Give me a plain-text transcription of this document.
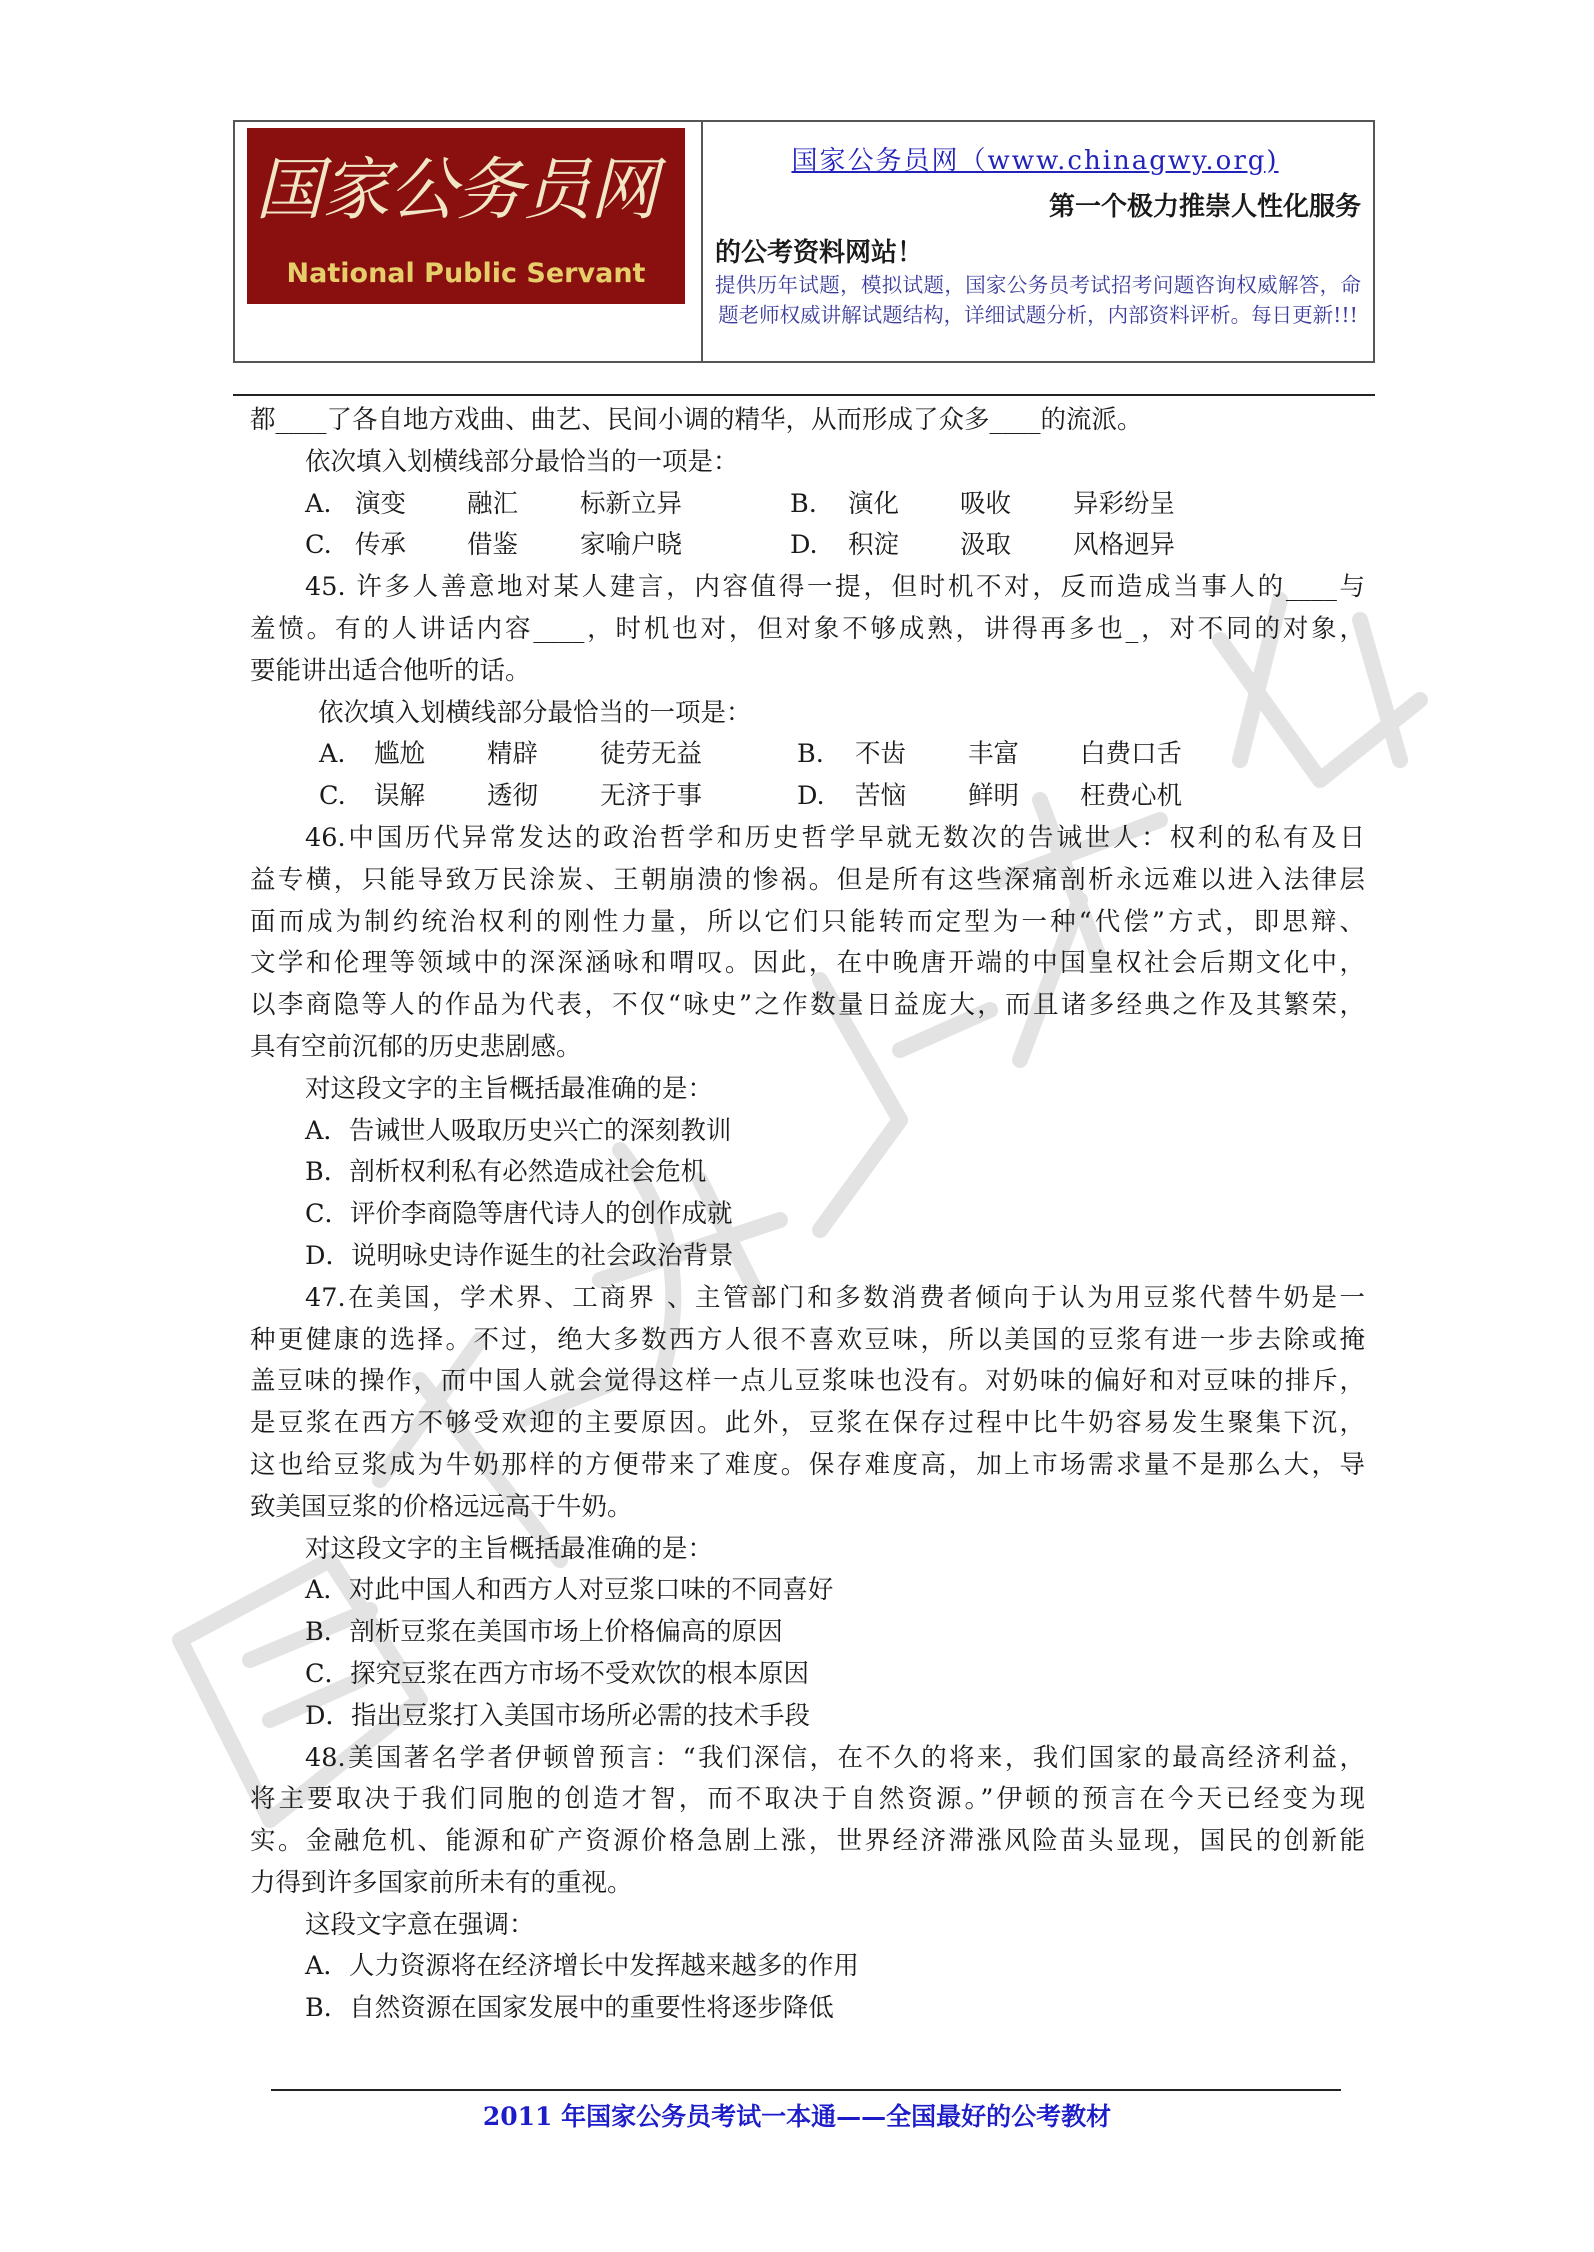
国家公务员网
National Public Servant
国家公务员网（www.chinagwy.org)
第一个极力推崇人性化服务
的公考资料网站！
提供历年试题，模拟试题，国家公务员考试招考问题咨询权威解答，命题老师权威讲解试题结构，详细试题分析，内部资料评析。每日更新!!!
都____了各自地方戏曲、曲艺、民间小调的精华，从而形成了众多____的流派。
依次填入划横线部分最恰当的一项是：
A. 演变 融汇 标新立异	B. 演化 吸收 异彩纷呈
C. 传承 借鉴 家喻户晓	D. 积淀 汲取 风格迥异
45. 许多人善意地对某人建言，内容值得一提，但时机不对，反而造成当事人的____与
羞愤。有的人讲话内容____，时机也对，但对象不够成熟，讲得再多也_，对不同的对象，
要能讲出适合他听的话。
依次填入划横线部分最恰当的一项是：
A. 尴尬 精辟 徒劳无益	B. 不齿 丰富 白费口舌
C. 误解 透彻 无济于事	D. 苦恼 鲜明 枉费心机
46.中国历代异常发达的政治哲学和历史哲学早就无数次的告诫世人：权利的私有及日
益专横，只能导致万民涂炭、王朝崩溃的惨祸。但是所有这些深痛剖析永远难以进入法律层
面而成为制约统治权利的刚性力量，所以它们只能转而定型为一种“代偿”方式，即思辩、
文学和伦理等领域中的深深涵咏和喟叹。因此，在中晚唐开端的中国皇权社会后期文化中，
以李商隐等人的作品为代表，不仅“咏史”之作数量日益庞大，而且诸多经典之作及其繁荣，
具有空前沉郁的历史悲剧感。
对这段文字的主旨概括最准确的是：
A．告诫世人吸取历史兴亡的深刻教训
B．剖析权利私有必然造成社会危机
C．评价李商隐等唐代诗人的创作成就
D．说明咏史诗作诞生的社会政治背景
47.在美国，学术界、工商界 、主管部门和多数消费者倾向于认为用豆浆代替牛奶是一
种更健康的选择。不过，绝大多数西方人很不喜欢豆味，所以美国的豆浆有进一步去除或掩
盖豆味的操作，而中国人就会觉得这样一点儿豆浆味也没有。对奶味的偏好和对豆味的排斥，
是豆浆在西方不够受欢迎的主要原因。此外，豆浆在保存过程中比牛奶容易发生聚集下沉，
这也给豆浆成为牛奶那样的方便带来了难度。保存难度高，加上市场需求量不是那么大，导
致美国豆浆的价格远远高于牛奶。
对这段文字的主旨概括最准确的是：
A．对此中国人和西方人对豆浆口味的不同喜好
B．剖析豆浆在美国市场上价格偏高的原因
C．探究豆浆在西方市场不受欢饮的根本原因
D．指出豆浆打入美国市场所必需的技术手段
48.美国著名学者伊顿曾预言：“我们深信，在不久的将来，我们国家的最高经济利益，
将主要取决于我们同胞的创造才智，而不取决于自然资源。”伊顿的预言在今天已经变为现
实。金融危机、能源和矿产资源价格急剧上涨，世界经济滞涨风险苗头显现，国民的创新能
力得到许多国家前所未有的重视。
这段文字意在强调：
A．人力资源将在经济增长中发挥越来越多的作用
B．自然资源在国家发展中的重要性将逐步降低
2011 年国家公务员考试一本通——全国最好的公考教材
